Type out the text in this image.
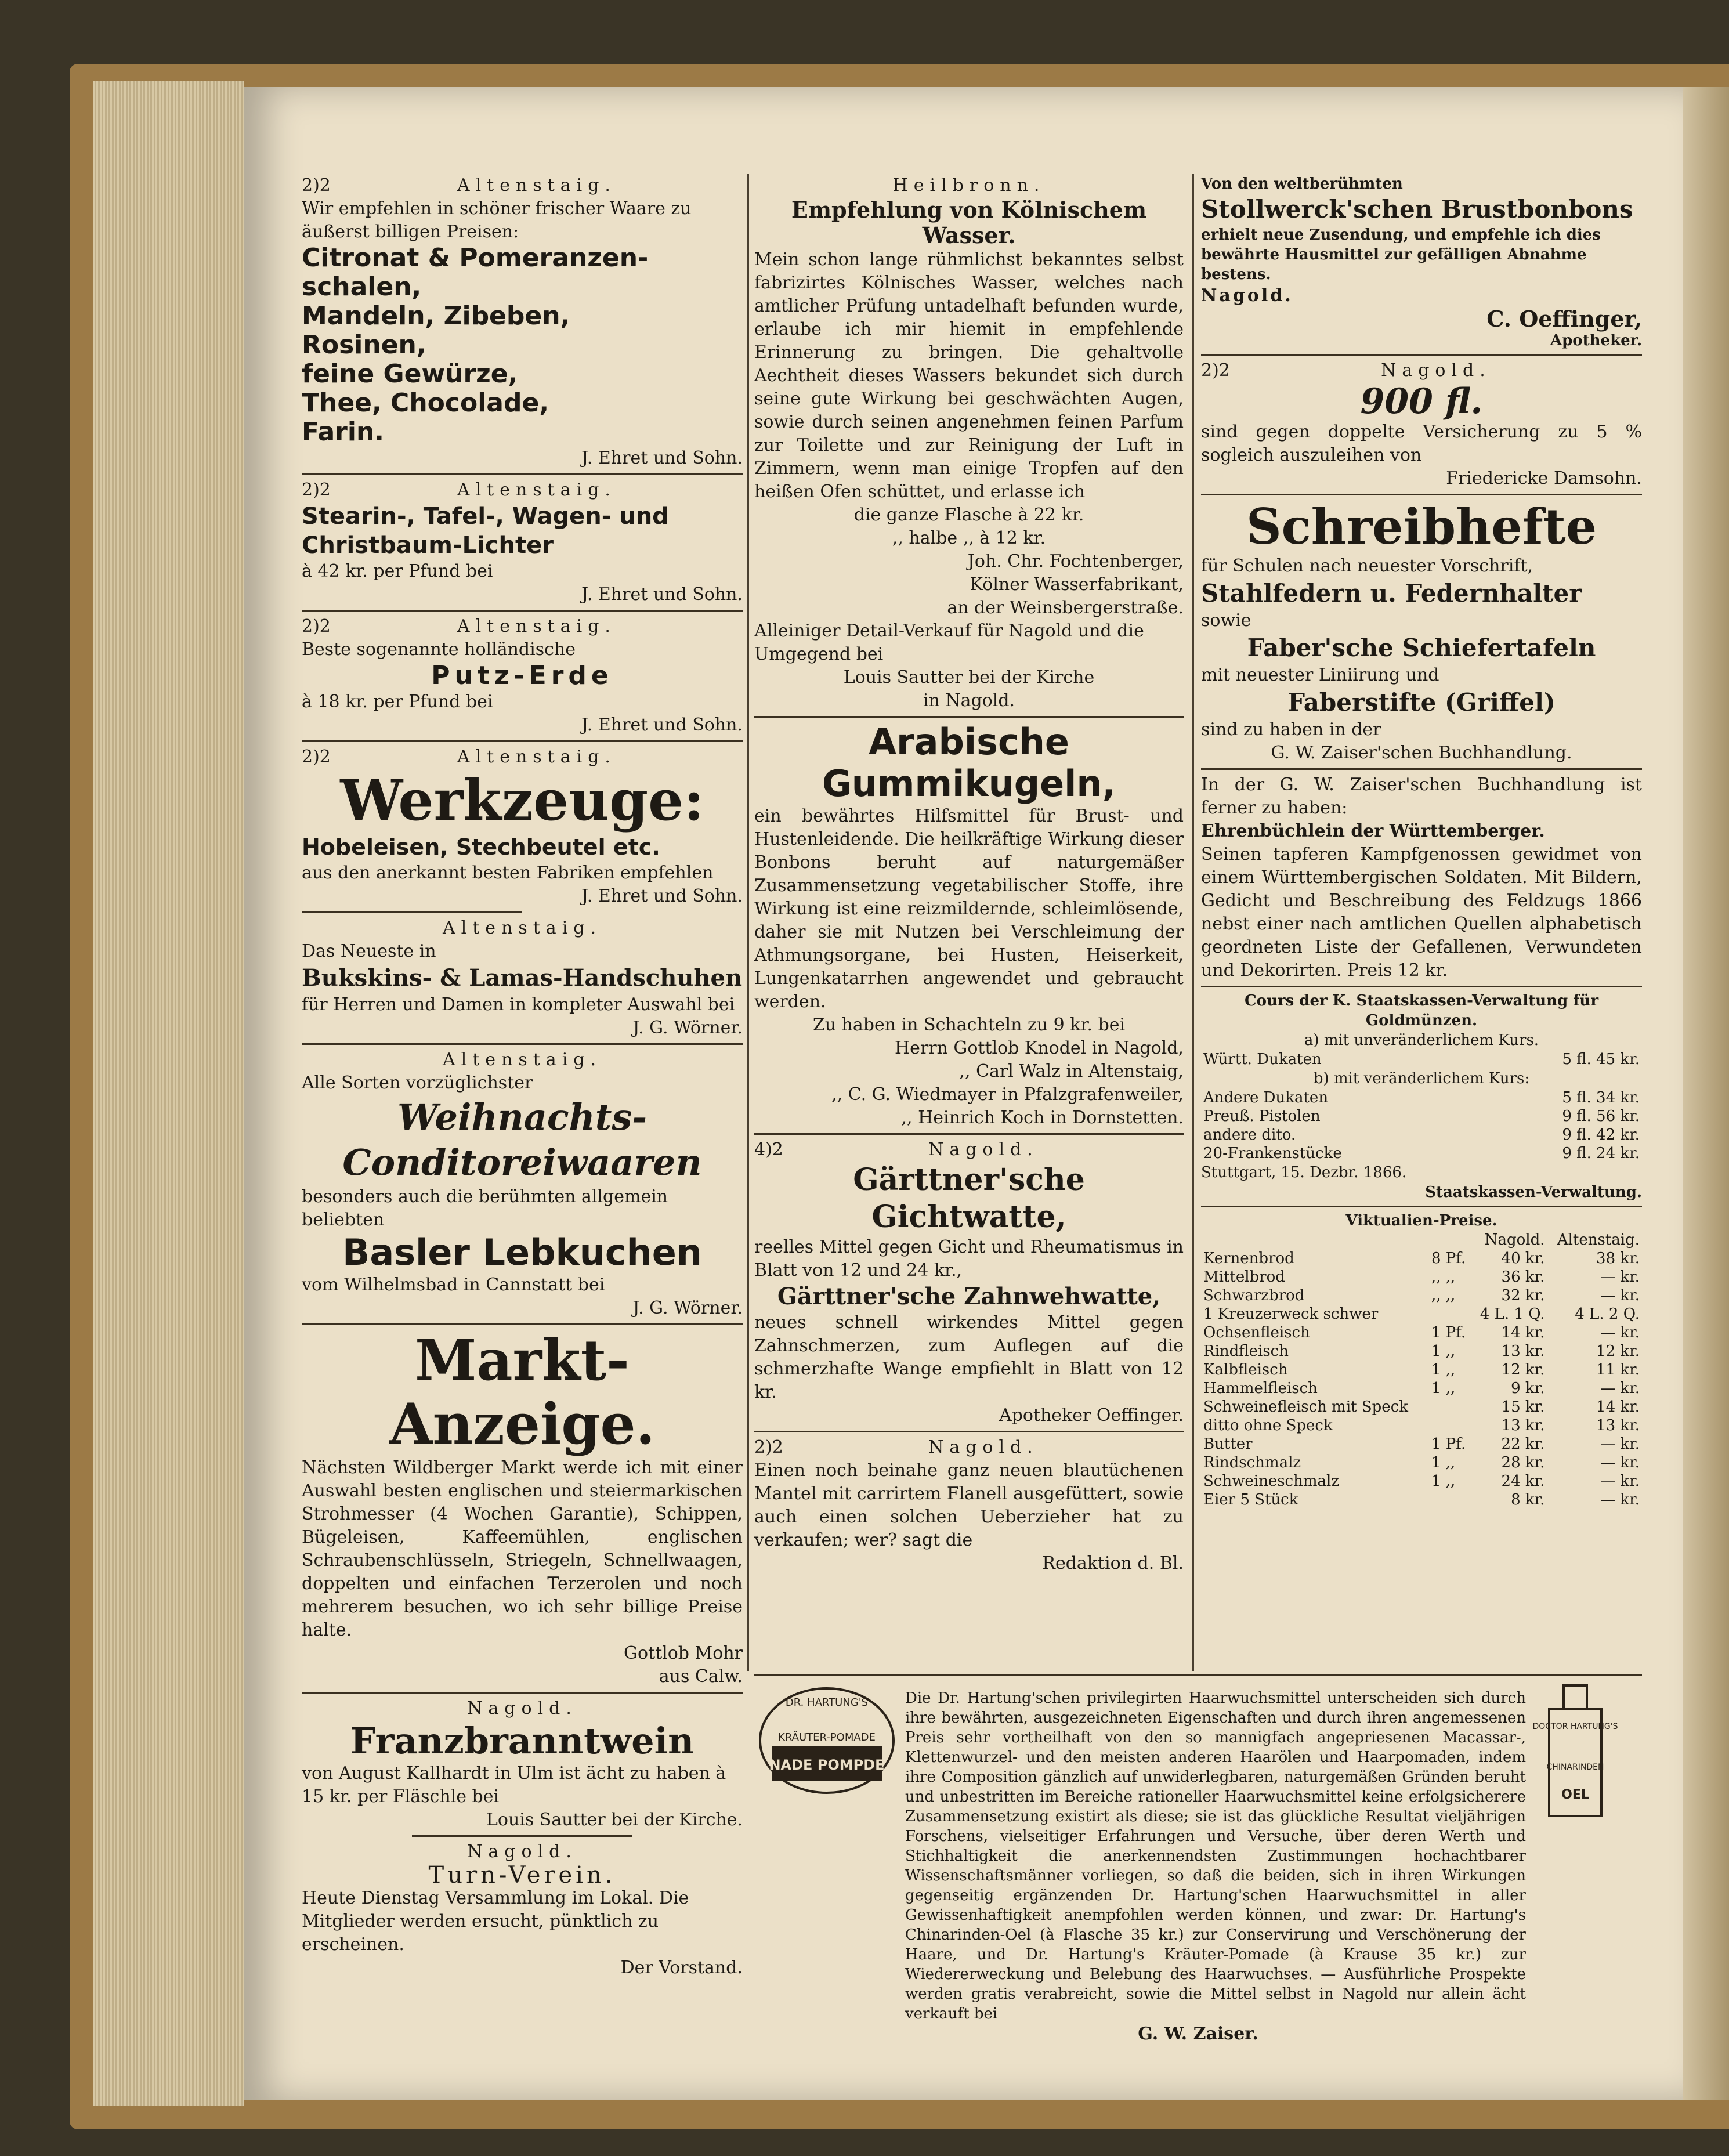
2)2	Altenstaig.
Wir empfehlen in schöner frischer Waare zu äußerst billigen Preisen:
Citronat & Pomeranzen-schalen,
Mandeln, Zibeben,
Rosinen,
feine Gewürze,
Thee, Chocolade,
Farin.
J. Ehret und Sohn.
2)2	Altenstaig.
Stearin-, Tafel-, Wagen- und Christbaum-Lichter
à 42 kr. per Pfund bei
J. Ehret und Sohn.
2)2	Altenstaig.
Beste sogenannte holländische
Putz-Erde
à 18 kr. per Pfund bei
J. Ehret und Sohn.
2)2	Altenstaig.
Werkzeuge:
Hobeleisen, Stechbeutel etc.
aus den anerkannt besten Fabriken empfehlen
J. Ehret und Sohn.
Altenstaig.
Das Neueste in
Bukskins- & Lamas-Handschuhen
für Herren und Damen in kompleter Auswahl bei
J. G. Wörner.
Altenstaig.
Alle Sorten vorzüglichster
Weihnachts-
Conditoreiwaaren
besonders auch die berühmten allgemein beliebten
Basler Lebkuchen
vom Wilhelmsbad in Cannstatt bei
J. G. Wörner.
Markt-Anzeige.
Nächsten Wildberger Markt werde ich mit einer Auswahl besten englischen und steiermarkischen Strohmesser (4 Wochen Garantie), Schippen, Bügeleisen, Kaffeemühlen, englischen Schraubenschlüsseln, Striegeln, Schnellwaagen, doppelten und einfachen Terzerolen und noch mehrerem besuchen, wo ich sehr billige Preise halte.
Gottlob Mohr
aus Calw.
Nagold.
Franzbranntwein
von August Kallhardt in Ulm ist ächt zu haben à 15 kr. per Fläschle bei
Louis Sautter bei der Kirche.
Nagold.
Turn-Verein.
Heute Dienstag Versammlung im Lokal. Die Mitglieder werden ersucht, pünktlich zu erscheinen.
Der Vorstand.
Heilbronn.
Empfehlung von Kölnischem Wasser.
Mein schon lange rühmlichst bekanntes selbst fabrizirtes Kölnisches Wasser, welches nach amtlicher Prüfung untadelhaft befunden wurde, erlaube ich mir hiemit in empfehlende Erinnerung zu bringen. Die gehaltvolle Aechtheit dieses Wassers bekundet sich durch seine gute Wirkung bei geschwächten Augen, sowie durch seinen angenehmen feinen Parfum zur Toilette und zur Reinigung der Luft in Zimmern, wenn man einige Tropfen auf den heißen Ofen schüttet, und erlasse ich
die ganze Flasche à 22 kr.
,, halbe ,, à 12 kr.
Joh. Chr. Fochtenberger,
Kölner Wasserfabrikant,
an der Weinsbergerstraße.
Alleiniger Detail-Verkauf für Nagold und die Umgegend bei
Louis Sautter bei der Kirche
in Nagold.
Arabische Gummikugeln,
ein bewährtes Hilfsmittel für Brust- und Hustenleidende. Die heilkräftige Wirkung dieser Bonbons beruht auf naturgemäßer Zusammensetzung vegetabilischer Stoffe, ihre Wirkung ist eine reizmildernde, schleimlösende, daher sie mit Nutzen bei Verschleimung der Athmungsorgane, bei Husten, Heiserkeit, Lungenkatarrhen angewendet und gebraucht werden.
Zu haben in Schachteln zu 9 kr. bei
Herrn Gottlob Knodel in Nagold,
,, Carl Walz in Altenstaig,
,, C. G. Wiedmayer in Pfalzgrafenweiler,
,, Heinrich Koch in Dornstetten.
4)2	Nagold.
Gärttner'sche Gichtwatte,
reelles Mittel gegen Gicht und Rheumatismus in Blatt von 12 und 24 kr.,
Gärttner'sche Zahnwehwatte,
neues schnell wirkendes Mittel gegen Zahnschmerzen, zum Auflegen auf die schmerzhafte Wange empfiehlt in Blatt von 12 kr.
Apotheker Oeffinger.
2)2	Nagold.
Einen noch beinahe ganz neuen blautüchenen Mantel mit carrirtem Flanell ausgefüttert, sowie auch einen solchen Ueberzieher hat zu verkaufen; wer? sagt die
Redaktion d. Bl.
Von den weltberühmten
Stollwerck'schen Brustbonbons
erhielt neue Zusendung, und empfehle ich dies bewährte Hausmittel zur gefälligen Abnahme bestens.
Nagold.
C. Oeffinger,
Apotheker.
2)2	Nagold.
900 fl.
sind gegen doppelte Versicherung zu 5 % sogleich auszuleihen von
Friedericke Damsohn.
Schreibhefte
für Schulen nach neuester Vorschrift,
Stahlfedern u. Federnhalter
sowie
Faber'sche Schiefertafeln
mit neuester Liniirung und
Faberstifte (Griffel)
sind zu haben in der
G. W. Zaiser'schen Buchhandlung.
In der G. W. Zaiser'schen Buchhandlung ist ferner zu haben:
Ehrenbüchlein der Württemberger.
Seinen tapferen Kampfgenossen gewidmet von einem Württembergischen Soldaten. Mit Bildern, Gedicht und Beschreibung des Feldzugs 1866 nebst einer nach amtlichen Quellen alphabetisch geordneten Liste der Gefallenen, Verwundeten und Dekorirten. Preis 12 kr.
Cours der K. Staatskassen-Verwaltung für Goldmünzen.
a) mit unveränderlichem Kurs.
Württ. Dukaten	5 fl. 45 kr.
b) mit veränderlichem Kurs:
Andere Dukaten	5 fl. 34 kr.
Preuß. Pistolen	9 fl. 56 kr.
andere dito.	9 fl. 42 kr.
20-Frankenstücke	9 fl. 24 kr.
Stuttgart, 15. Dezbr. 1866.
Staatskassen-Verwaltung.
Viktualien-Preise.
		Nagold.	Altenstaig.
Kernenbrod	8 Pf.	40 kr.	38 kr.
Mittelbrod	,, ,,	36 kr.	— kr.
Schwarzbrod	,, ,,	32 kr.	— kr.
1 Kreuzerweck schwer		4 L. 1 Q.	4 L. 2 Q.
Ochsenfleisch	1 Pf.	14 kr.	— kr.
Rindfleisch	1 ,,	13 kr.	12 kr.
Kalbfleisch	1 ,,	12 kr.	11 kr.
Hammelfleisch	1 ,,	9 kr.	— kr.
Schweinefleisch mit Speck		15 kr.	14 kr.
ditto ohne Speck		13 kr.	13 kr.
Butter	1 Pf.	22 kr.	— kr.
Rindschmalz	1 ,,	28 kr.	— kr.
Schweineschmalz	1 ,,	24 kr.	— kr.
Eier 5 Stück		8 kr.	— kr.
DR. HARTUNG'S
KRÄUTER-POMADE
NADE POMPDE
DOCTOR HARTUNG'S
CHINARINDEN
OEL
Die Dr. Hartung'schen privilegirten Haarwuchsmittel unterscheiden sich durch ihre bewährten, ausgezeichneten Eigenschaften und durch ihren angemessenen Preis sehr vortheilhaft von den so mannigfach angepriesenen Macassar-, Klettenwurzel- und den meisten anderen Haarölen und Haarpomaden, indem ihre Composition gänzlich auf unwiderlegbaren, naturgemäßen Gründen beruht und unbestritten im Bereiche rationeller Haarwuchsmittel keine erfolgsicherere Zusammensetzung existirt als diese; sie ist das glückliche Resultat vieljährigen Forschens, vielseitiger Erfahrungen und Versuche, über deren Werth und Stichhaltigkeit die anerkennendsten Zustimmungen hochachtbarer Wissenschaftsmänner vorliegen, so daß die beiden, sich in ihren Wirkungen gegenseitig ergänzenden Dr. Hartung'schen Haarwuchsmittel in aller Gewissenhaftigkeit anempfohlen werden können, und zwar: Dr. Hartung's Chinarinden-Oel (à Flasche 35 kr.) zur Conservirung und Verschönerung der Haare, und Dr. Hartung's Kräuter-Pomade (à Krause 35 kr.) zur Wiedererweckung und Belebung des Haarwuchses. — Ausführliche Prospekte werden gratis verabreicht, sowie die Mittel selbst in Nagold nur allein ächt verkauft bei
G. W. Zaiser.
